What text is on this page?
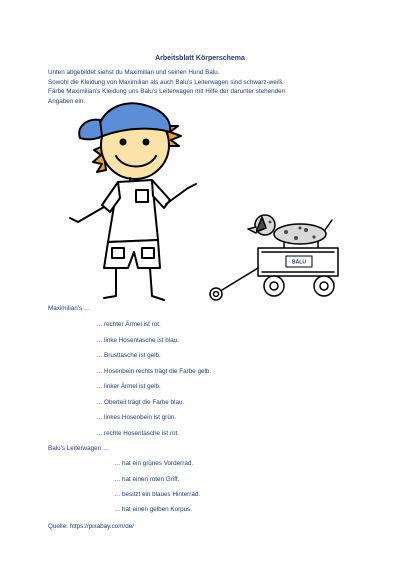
Arbeitsblatt Körperschema
Unten abgebildet siehst du Maximilian und seinen Hund Balu.
Sowohl die Kleidung von Maximilian als auch Balu’s Leiterwagen sind schwarz-weiß.
Färbe Maximilian’s Kleidung uns Balu’s Leiterwagen mit Hilfe der darunter stehenden
Angaben ein.
BALU
Maximilian’s …
… rechter Ärmel ist rot.
… linke Hosentasche ist blau.
… Brusttasche ist gelb.
… Hosenbein rechts trägt die Farbe gelb.
… linker Ärmel ist gelb.
… Oberteil trägt die Farbe blau.
… linkes Hosenbein ist grün.
… rechte Hosentasche ist rot.
Balu’s Leiterwagen …
… hat ein grünes Vorderrad.
… hat einen roten Griff.
… besitzt ein blaues Hinterrad.
… hat einen gelben Korpus.
Quelle: https://pixabay.com/de/
